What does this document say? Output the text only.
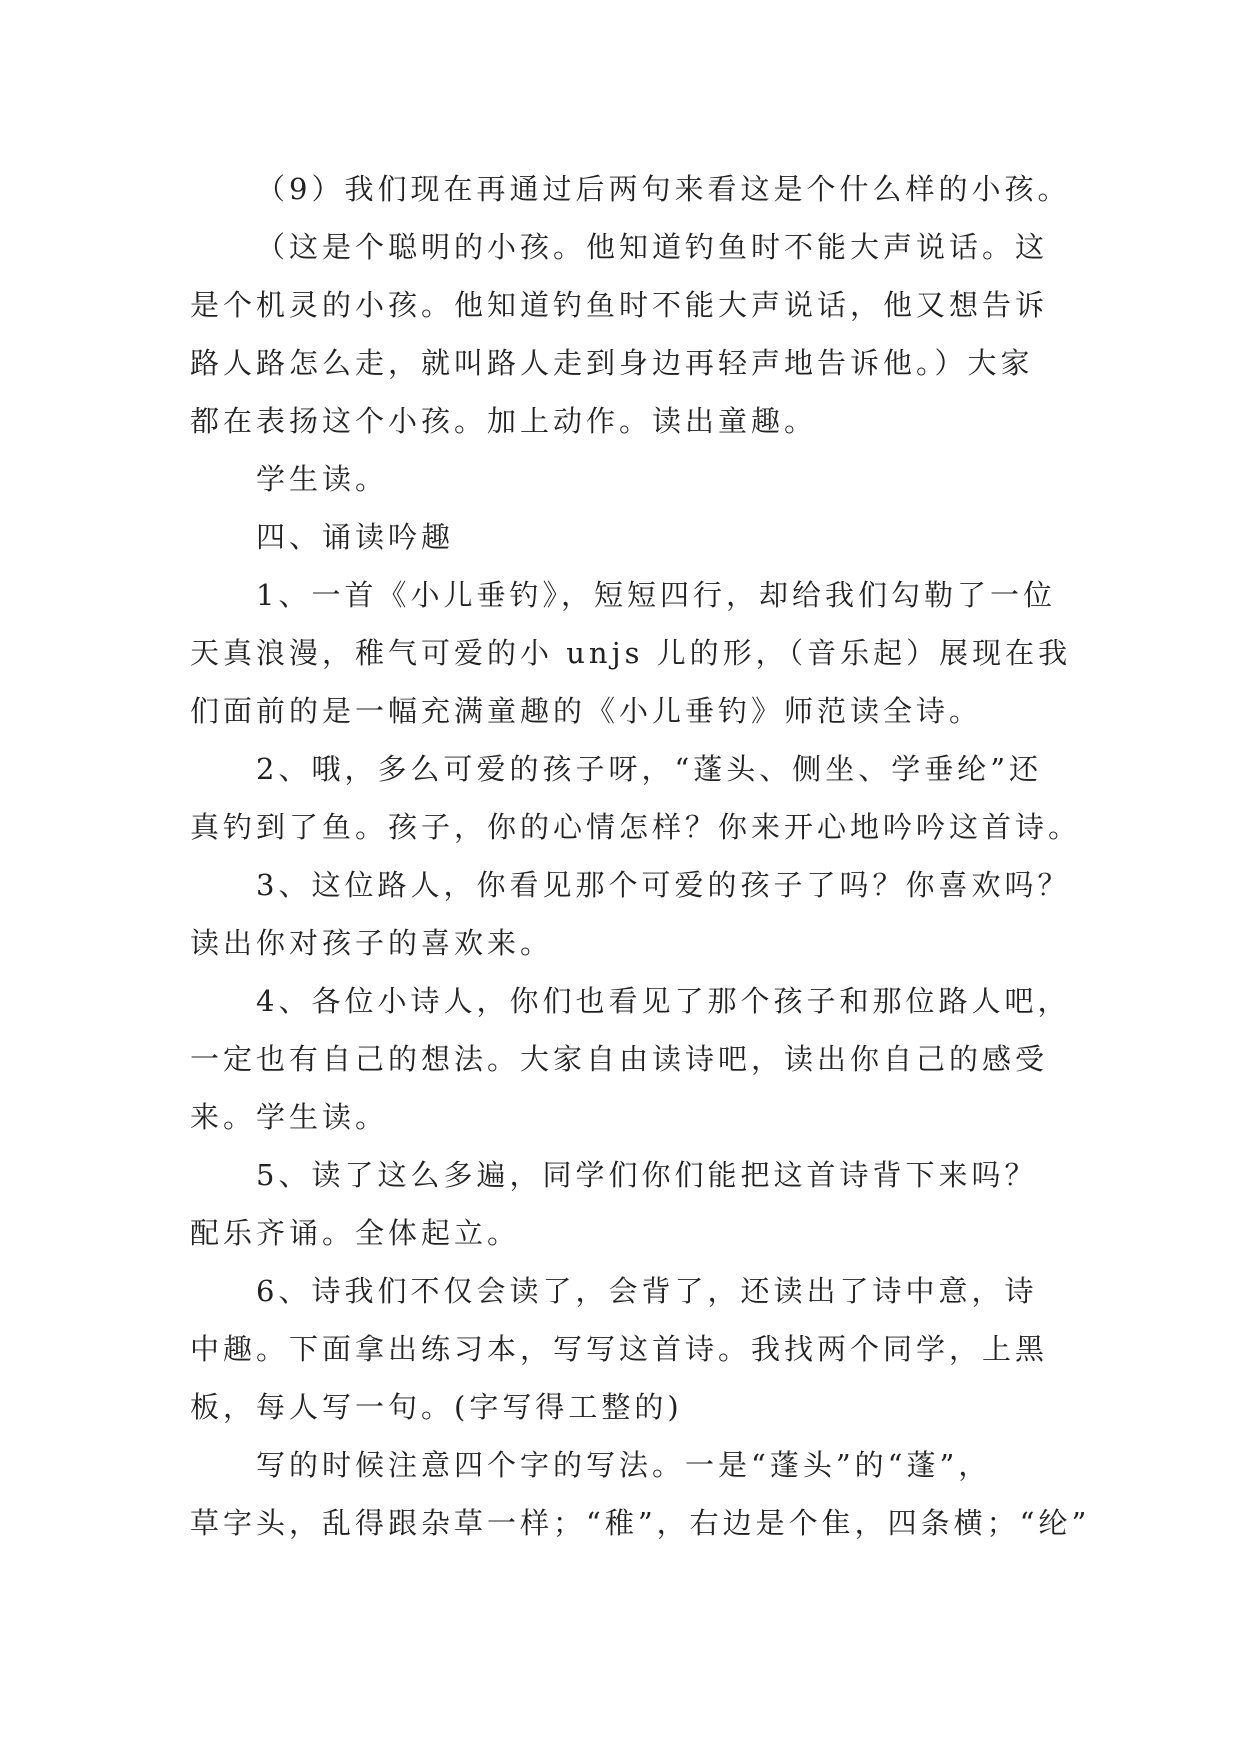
（9）我们现在再通过后两句来看这是个什么样的小孩。
（这是个聪明的小孩。他知道钓鱼时不能大声说话。这
是个机灵的小孩。他知道钓鱼时不能大声说话，他又想告诉
路人路怎么走，就叫路人走到身边再轻声地告诉他。）大家
都在表扬这个小孩。加上动作。读出童趣。
学生读。
四、诵读吟趣
1、一首《小儿垂钓》，短短四行，却给我们勾勒了一位
天真浪漫，稚气可爱的小 unjs 儿的形，（音乐起）展现在我
们面前的是一幅充满童趣的《小儿垂钓》师范读全诗。
2、哦，多么可爱的孩子呀，“蓬头、侧坐、学垂纶”还
真钓到了鱼。孩子，你的心情怎样？你来开心地吟吟这首诗。
3、这位路人，你看见那个可爱的孩子了吗？你喜欢吗？
读出你对孩子的喜欢来。
4、各位小诗人，你们也看见了那个孩子和那位路人吧，
一定也有自己的想法。大家自由读诗吧，读出你自己的感受
来。学生读。
5、读了这么多遍，同学们你们能把这首诗背下来吗？
配乐齐诵。全体起立。
6、诗我们不仅会读了，会背了，还读出了诗中意，诗
中趣。下面拿出练习本，写写这首诗。我找两个同学，上黑
板，每人写一句。(字写得工整的)
写的时候注意四个字的写法。一是“蓬头”的“蓬”，
草字头，乱得跟杂草一样；“稚”，右边是个隹，四条横；“纶”
